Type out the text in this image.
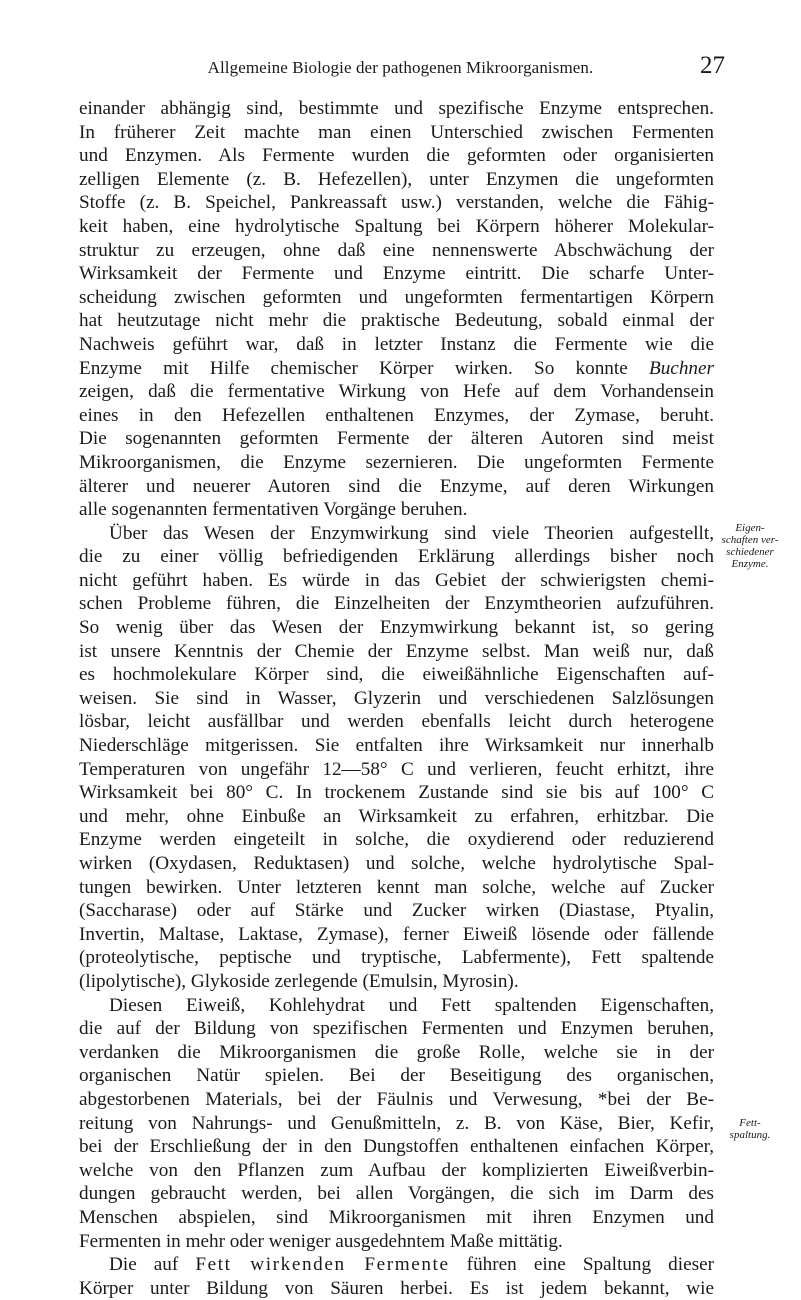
Allgemeine Biologie der pathogenen Mikroorganismen.	27
einander abhängig sind, bestimmte und spezifische Enzyme entsprechen.
In früherer Zeit machte man einen Unterschied zwischen Fermenten
und Enzymen. Als Fermente wurden die geformten oder organisierten
zelligen Elemente (z. B. Hefezellen), unter Enzymen die ungeformten
Stoffe (z. B. Speichel, Pankreassaft usw.) verstanden, welche die Fähig-
keit haben, eine hydrolytische Spaltung bei Körpern höherer Molekular-
struktur zu erzeugen, ohne daß eine nennenswerte Abschwächung der
Wirksamkeit der Fermente und Enzyme eintritt. Die scharfe Unter-
scheidung zwischen geformten und ungeformten fermentartigen Körpern
hat heutzutage nicht mehr die praktische Bedeutung, sobald einmal der
Nachweis geführt war, daß in letzter Instanz die Fermente wie die
Enzyme mit Hilfe chemischer Körper wirken. So konnte Buchner
zeigen, daß die fermentative Wirkung von Hefe auf dem Vorhandensein
eines in den Hefezellen enthaltenen Enzymes, der Zymase, beruht.
Die sogenannten geformten Fermente der älteren Autoren sind meist
Mikroorganismen, die Enzyme sezernieren. Die ungeformten Fermente
älterer und neuerer Autoren sind die Enzyme, auf deren Wirkungen
alle sogenannten fermentativen Vorgänge beruhen.
Über das Wesen der Enzymwirkung sind viele Theorien aufgestellt,
die zu einer völlig befriedigenden Erklärung allerdings bisher noch
nicht geführt haben. Es würde in das Gebiet der schwierigsten chemi-
schen Probleme führen, die Einzelheiten der Enzymtheorien aufzuführen.
So wenig über das Wesen der Enzymwirkung bekannt ist, so gering
ist unsere Kenntnis der Chemie der Enzyme selbst. Man weiß nur, daß
es hochmolekulare Körper sind, die eiweißähnliche Eigenschaften auf-
weisen. Sie sind in Wasser, Glyzerin und verschiedenen Salzlösungen
lösbar, leicht ausfällbar und werden ebenfalls leicht durch heterogene
Niederschläge mitgerissen. Sie entfalten ihre Wirksamkeit nur innerhalb
Temperaturen von ungefähr 12—58° C und verlieren, feucht erhitzt, ihre
Wirksamkeit bei 80° C. In trockenem Zustande sind sie bis auf 100° C
und mehr, ohne Einbuße an Wirksamkeit zu erfahren, erhitzbar. Die
Enzyme werden eingeteilt in solche, die oxydierend oder reduzierend
wirken (Oxydasen, Reduktasen) und solche, welche hydrolytische Spal-
tungen bewirken. Unter letzteren kennt man solche, welche auf Zucker
(Saccharase) oder auf Stärke und Zucker wirken (Diastase, Ptyalin,
Invertin, Maltase, Laktase, Zymase), ferner Eiweiß lösende oder fällende
(proteolytische, peptische und tryptische, Labfermente), Fett spaltende
(lipolytische), Glykoside zerlegende (Emulsin, Myrosin).
Diesen Eiweiß, Kohlehydrat und Fett spaltenden Eigenschaften,
die auf der Bildung von spezifischen Fermenten und Enzymen beruhen,
verdanken die Mikroorganismen die große Rolle, welche sie in der
organischen Natür spielen. Bei der Beseitigung des organischen,
abgestorbenen Materials, bei der Fäulnis und Verwesung, *bei der Be-
reitung von Nahrungs- und Genußmitteln, z. B. von Käse, Bier, Kefir,
bei der Erschließung der in den Dungstoffen enthaltenen einfachen Körper,
welche von den Pflanzen zum Aufbau der komplizierten Eiweißverbin-
dungen gebraucht werden, bei allen Vorgängen, die sich im Darm des
Menschen abspielen, sind Mikroorganismen mit ihren Enzymen und
Fermenten in mehr oder weniger ausgedehntem Maße mittätig.
Die auf Fett wirkenden Fermente führen eine Spaltung dieser
Körper unter Bildung von Säuren herbei. Es ist jedem bekannt, wie
Eigen-
schaften ver-
schiedener
Enzyme.
Fett-
spaltung.
